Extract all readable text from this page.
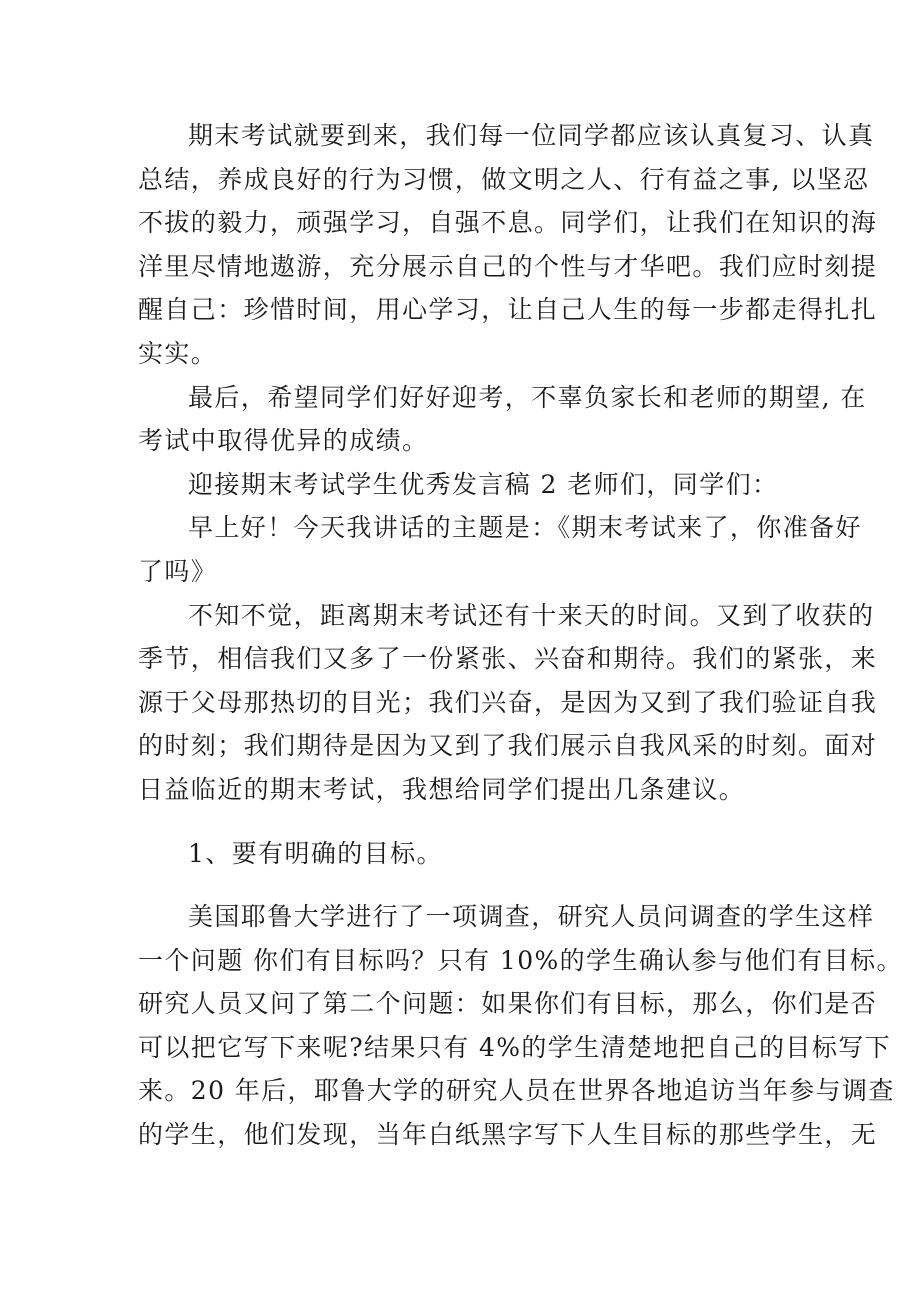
期末考试就要到来，我们每一位同学都应该认真复习、认真
总结，养成良好的行为习惯，做文明之人、行有益之事, 以坚忍
不拔的毅力，顽强学习，自强不息。同学们，让我们在知识的海
洋里尽情地遨游，充分展示自己的个性与才华吧。我们应时刻提
醒自己：珍惜时间，用心学习，让自己人生的每一步都走得扎扎
实实。
最后，希望同学们好好迎考，不辜负家长和老师的期望, 在
考试中取得优异的成绩。
迎接期末考试学生优秀发言稿 2 老师们，同学们：
早上好！今天我讲话的主题是：《期末考试来了，你准备好
了吗》
不知不觉，距离期末考试还有十来天的时间。又到了收获的
季节，相信我们又多了一份紧张、兴奋和期待。我们的紧张，来
源于父母那热切的目光；我们兴奋，是因为又到了我们验证自我
的时刻；我们期待是因为又到了我们展示自我风采的时刻。面对
日益临近的期末考试，我想给同学们提出几条建议。
1、要有明确的目标。
美国耶鲁大学进行了一项调查，研究人员问调查的学生这样
一个问题 你们有目标吗？只有 10%的学生确认参与他们有目标。
研究人员又问了第二个问题：如果你们有目标，那么，你们是否
可以把它写下来呢?结果只有 4%的学生清楚地把自己的目标写下
来。20 年后，耶鲁大学的研究人员在世界各地追访当年参与调查
的学生，他们发现，当年白纸黑字写下人生目标的那些学生，无
